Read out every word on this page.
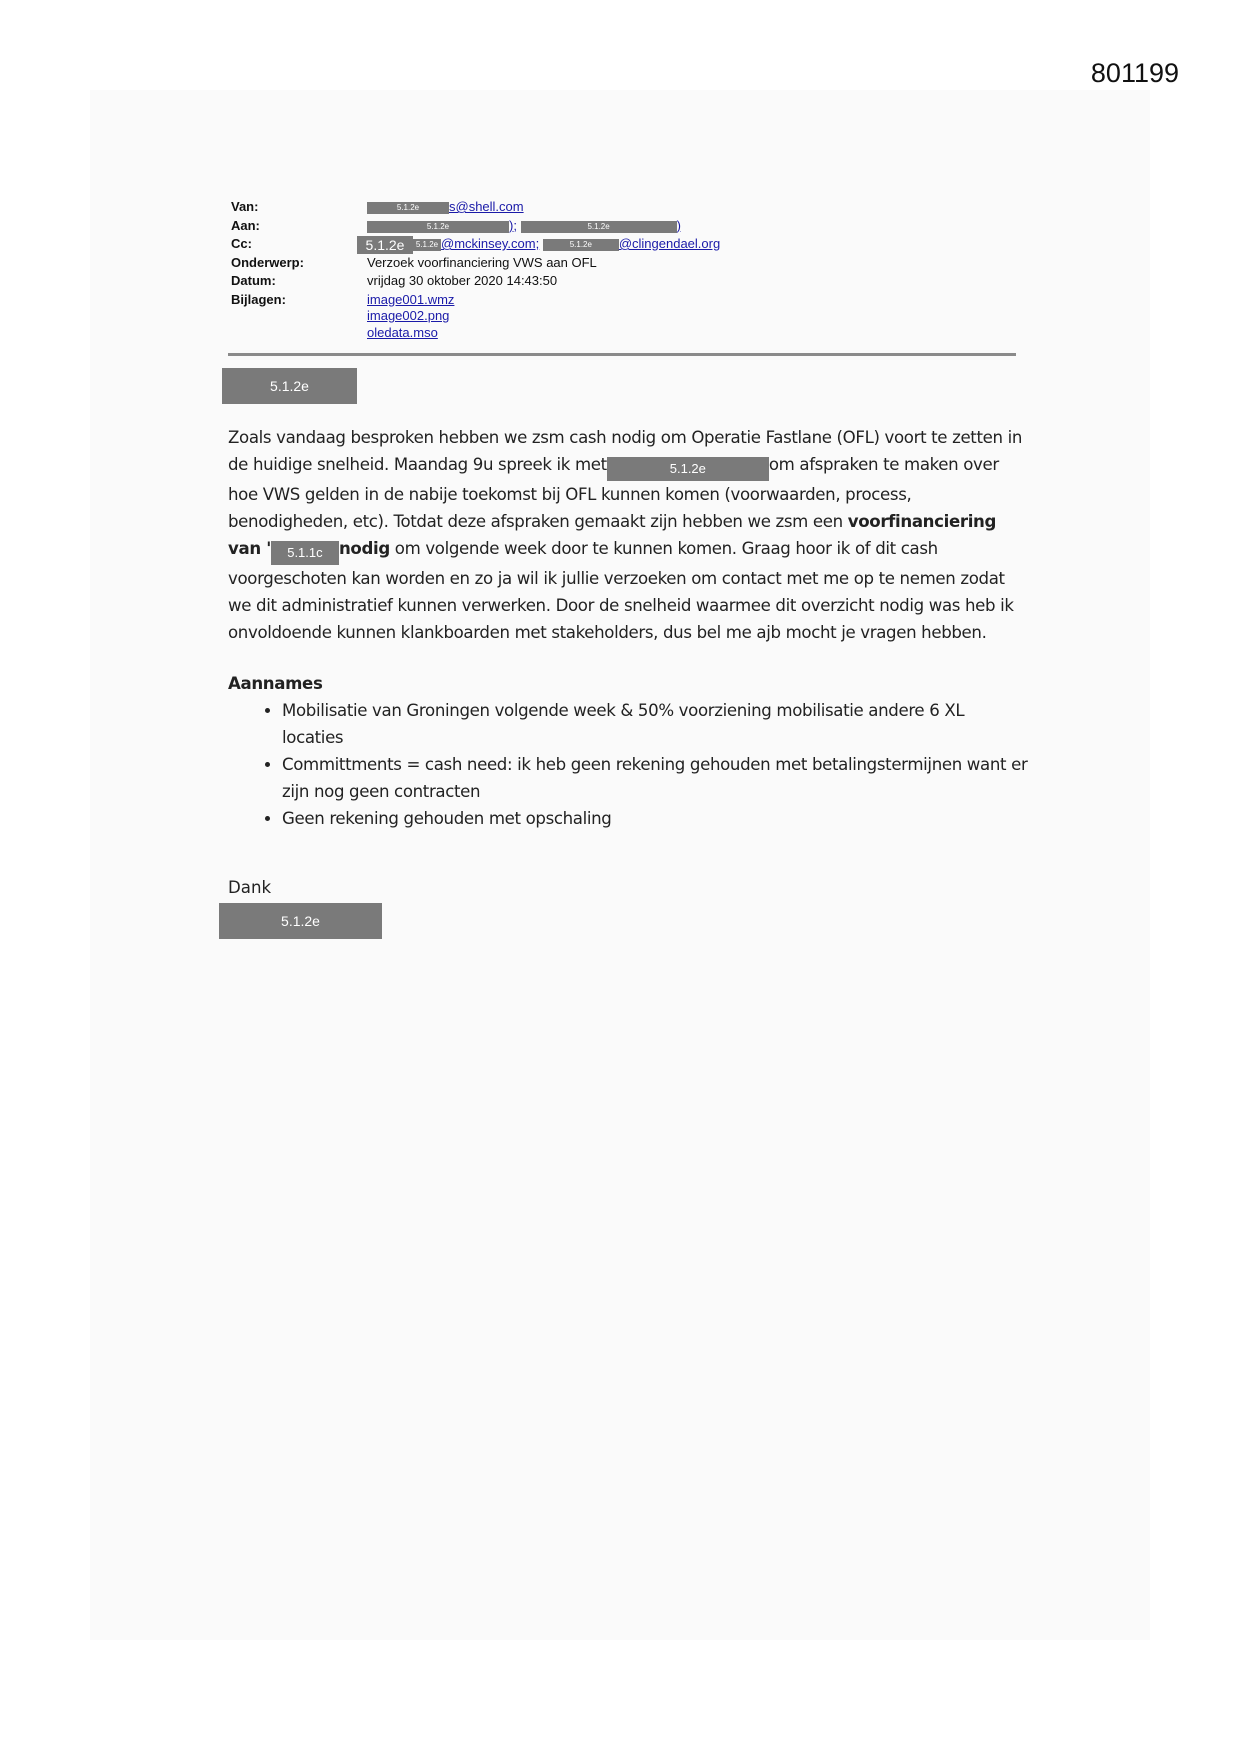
801199
Van:	5.1.2e s@shell.com
Aan:	5.1.2e	);	5.1.2e	)
Cc:	5.1.2e 5.1.2e @mckinsey.com;	5.1.2e @clingendael.org
Onderwerp:	Verzoek voorfinanciering VWS aan OFL
Datum:	vrijdag 30 oktober 2020 14:43:50
Bijlagen:	image001.wmz
image002.png
oledata.mso
5.1.2e

Zoals vandaag besproken hebben we zsm cash nodig om Operatie Fastlane (OFL) voort te zetten in de huidige snelheid. Maandag 9u spreek ik met	5.1.2e	om afspraken te maken over hoe VWS gelden in de nabije toekomst bij OFL kunnen komen (voorwaarden, process, benodigheden, etc). Totdat deze afspraken gemaakt zijn hebben we zsm een voorfinanciering van ' 5.1.1c nodig om volgende week door te kunnen komen. Graag hoor ik of dit cash voorgeschoten kan worden en zo ja wil ik jullie verzoeken om contact met me op te nemen zodat we dit administratief kunnen verwerken. Door de snelheid waarmee dit overzicht nodig was heb ik onvoldoende kunnen klankboarden met stakeholders, dus bel me ajb mocht je vragen hebben.

Aannames

• Mobilisatie van Groningen volgende week & 50% voorziening mobilisatie andere 6 XL locaties
• Committments = cash need: ik heb geen rekening gehouden met betalingstermijnen want er zijn nog geen contracten
• Geen rekening gehouden met opschaling
Dank
5.1.2e
